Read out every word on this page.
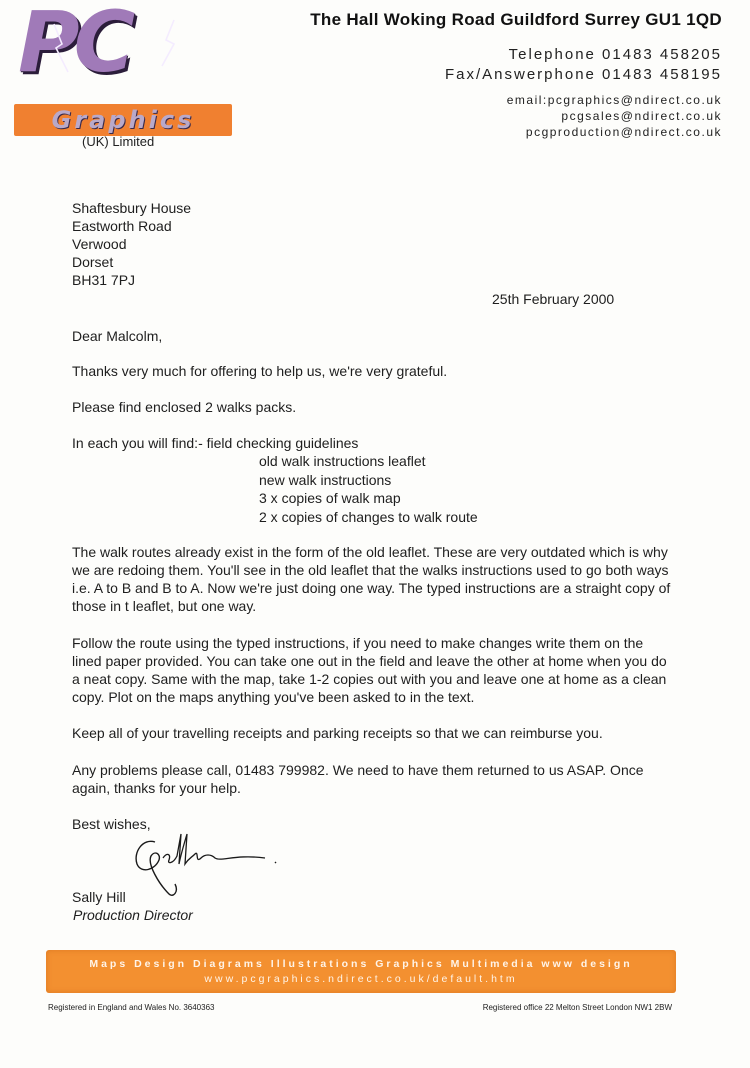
PC
Graphics
(UK) Limited
The Hall Woking Road Guildford Surrey GU1 1QD
Telephone 01483 458205
Fax/Answerphone 01483 458195
email:pcgraphics@ndirect.co.uk
pcgsales@ndirect.co.uk
pcgproduction@ndirect.co.uk
Shaftesbury House
Eastworth Road
Verwood
Dorset
BH31 7PJ
25th February 2000
Dear Malcolm,
Thanks very much for offering to help us, we're very grateful.
Please find enclosed 2 walks packs.
In each you will find:- field checking guidelines
old walk instructions leaflet
new walk instructions
3 x copies of walk map
2 x copies of changes to walk route
The walk routes already exist in the form of the old leaflet. These are very outdated which is why we are redoing them. You'll see in the old leaflet that the walks instructions used to go both ways i.e. A to B and B to A. Now we're just doing one way. The typed instructions are a straight copy of those in t leaflet, but one way.
Follow the route using the typed instructions, if you need to make changes write them on the lined paper provided. You can take one out in the field and leave the other at home when you do a neat copy. Same with the map, take 1-2 copies out with you and leave one at home as a clean copy. Plot on the maps anything you've been asked to in the text.
Keep all of your travelling receipts and parking receipts so that we can reimburse you.
Any problems please call, 01483 799982. We need to have them returned to us ASAP. Once again, thanks for your help.
Best wishes,
Sally Hill
Production Director
Maps Design Diagrams Illustrations Graphics Multimedia www design
www.pcgraphics.ndirect.co.uk/default.htm
Registered in England and Wales No. 3640363	Registered office 22 Melton Street London NW1 2BW
